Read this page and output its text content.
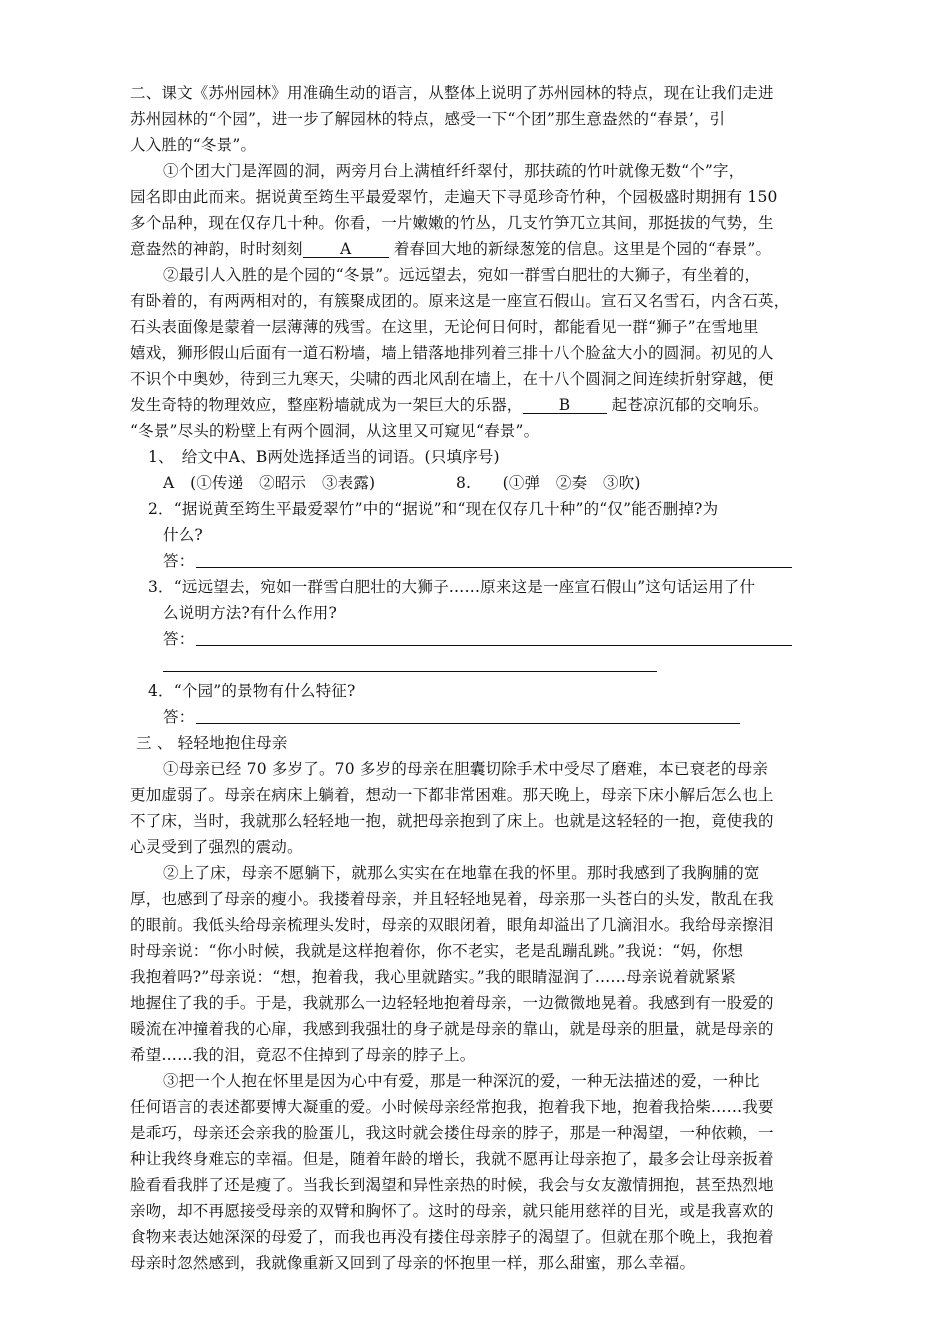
二、课文《苏州园林》用准确生动的语言，从整体上说明了苏州园林的特点，现在让我们走进
苏州园林的“个园”，进一步了解园林的特点，感受一下“个团”那生意盎然的“春景’，引
人入胜的“冬景”。
①个团大门是浑圆的洞，两旁月台上满植纤纤翠付，那扶疏的竹叶就像无数“个”字，
园名即由此而来。据说黄至筠生平最爱翠竹，走遍天下寻觅珍奇竹种，个园极盛时期拥有 150
多个品种，现在仅存几十种。你看，一片嫩嫩的竹丛，几支竹笋兀立其间，那挺拔的气势，生
意盎然的神韵，时时刻刻 A	着春回大地的新绿葱笼的信息。这里是个园的“春景”。
②最引人入胜的是个园的“冬景”。远远望去，宛如一群雪白肥壮的大狮子，有坐着的，
有卧着的，有两两相对的，有簇聚成团的。原来这是一座宣石假山。宣石又名雪石，内含石英，
石头表面像是蒙着一层薄薄的残雪。在这里，无论何日何时，都能看见一群“狮子”在雪地里
嬉戏，狮形假山后面有一道石粉墙，墙上错落地排列着三排十八个脸盆大小的圆洞。初见的人
不识个中奥妙，待到三九寒天，尖啸的西北风刮在墙上，在十八个圆洞之间连续折射穿越，便
发生奇特的物理效应，整座粉墙就成为一架巨大的乐器， B	起苍凉沉郁的交响乐。
“冬景”尽头的粉壁上有两个圆洞，从这里又可窥见“春景”。
1、　给文中A、B两处选择适当的词语。(只填序号)
A　(①传递　②昭示　③表露)	8.　　(①弹　②奏　③吹)
2．“据说黄至筠生平最爱翠竹”中的“据说”和“现在仅存几十种”的“仅”能否删掉?为
什么?
答：
3．“远远望去，宛如一群雪白肥壮的大狮子……原来这是一座宣石假山”这句话运用了什
么说明方法?有什么作用?
答：
4．“个园”的景物有什么特征?
答：
三 、 轻轻地抱住母亲
①母亲已经 70 多岁了。70 多岁的母亲在胆囊切除手术中受尽了磨难，本已衰老的母亲
更加虚弱了。母亲在病床上躺着，想动一下都非常困难。那天晚上，母亲下床小解后怎么也上
不了床，当时，我就那么轻轻地一抱，就把母亲抱到了床上。也就是这轻轻的一抱，竟使我的
心灵受到了强烈的震动。
②上了床，母亲不愿躺下，就那么实实在在地靠在我的怀里。那时我感到了我胸脯的宽
厚，也感到了母亲的瘦小。我搂着母亲，并且轻轻地晃着，母亲那一头苍白的头发，散乱在我
的眼前。我低头给母亲梳理头发时，母亲的双眼闭着，眼角却溢出了几滴泪水。我给母亲擦泪
时母亲说：“你小时候，我就是这样抱着你，你不老实，老是乱蹦乱跳。”我说：“妈，你想
我抱着吗?”母亲说：“想，抱着我，我心里就踏实。”我的眼睛湿润了……母亲说着就紧紧
地握住了我的手。于是，我就那么一边轻轻地抱着母亲，一边微微地晃着。我感到有一股爱的
暖流在冲撞着我的心扉，我感到我强壮的身子就是母亲的靠山，就是母亲的胆量，就是母亲的
希望……我的泪，竟忍不住掉到了母亲的脖子上。
③把一个人抱在怀里是因为心中有爱，那是一种深沉的爱，一种无法描述的爱，一种比
任何语言的表述都要博大凝重的爱。小时候母亲经常抱我，抱着我下地，抱着我拾柴……我要
是乖巧，母亲还会亲我的脸蛋儿，我这时就会搂住母亲的脖子，那是一种渴望，一种依赖，一
种让我终身难忘的幸福。但是，随着年龄的增长，我就不愿再让母亲抱了，最多会让母亲扳着
脸看看我胖了还是瘦了。当我长到渴望和异性亲热的时候，我会与女友激情拥抱，甚至热烈地
亲吻，却不再愿接受母亲的双臂和胸怀了。这时的母亲，就只能用慈祥的目光，或是我喜欢的
食物来表达她深深的母爱了，而我也再没有搂住母亲脖子的渴望了。但就在那个晚上，我抱着
母亲时忽然感到，我就像重新又回到了母亲的怀抱里一样，那么甜蜜，那么幸福。
